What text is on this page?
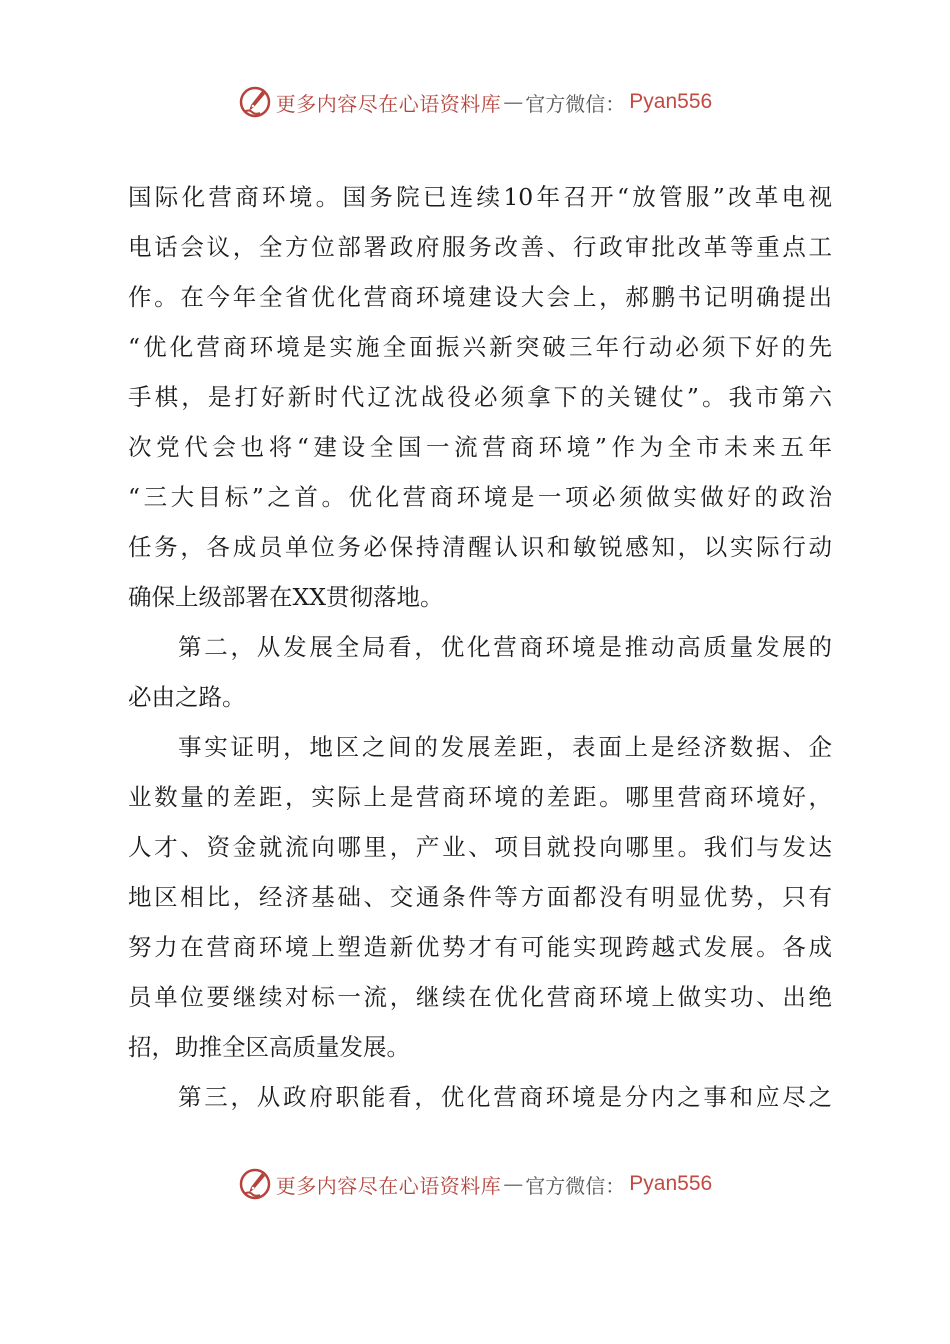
更多内容尽在心语资料库 — 官方微信： Pyan556
国际化营商环境。国务院已连续10年召开“放管服”改革电视
电话会议，全方位部署政府服务改善、行政审批改革等重点工
作。在今年全省优化营商环境建设大会上，郝鹏书记明确提出
“优化营商环境是实施全面振兴新突破三年行动必须下好的先
手棋，是打好新时代辽沈战役必须拿下的关键仗”。我市第六
次党代会也将“建设全国一流营商环境”作为全市未来五年
“三大目标”之首。优化营商环境是一项必须做实做好的政治
任务，各成员单位务必保持清醒认识和敏锐感知，以实际行动
确保上级部署在XX贯彻落地。
第二，从发展全局看，优化营商环境是推动高质量发展的
必由之路。
事实证明，地区之间的发展差距，表面上是经济数据、企
业数量的差距，实际上是营商环境的差距。哪里营商环境好，
人才、资金就流向哪里，产业、项目就投向哪里。我们与发达
地区相比，经济基础、交通条件等方面都没有明显优势，只有
努力在营商环境上塑造新优势才有可能实现跨越式发展。各成
员单位要继续对标一流，继续在优化营商环境上做实功、出绝
招，助推全区高质量发展。
第三，从政府职能看，优化营商环境是分内之事和应尽之
更多内容尽在心语资料库 — 官方微信： Pyan556
